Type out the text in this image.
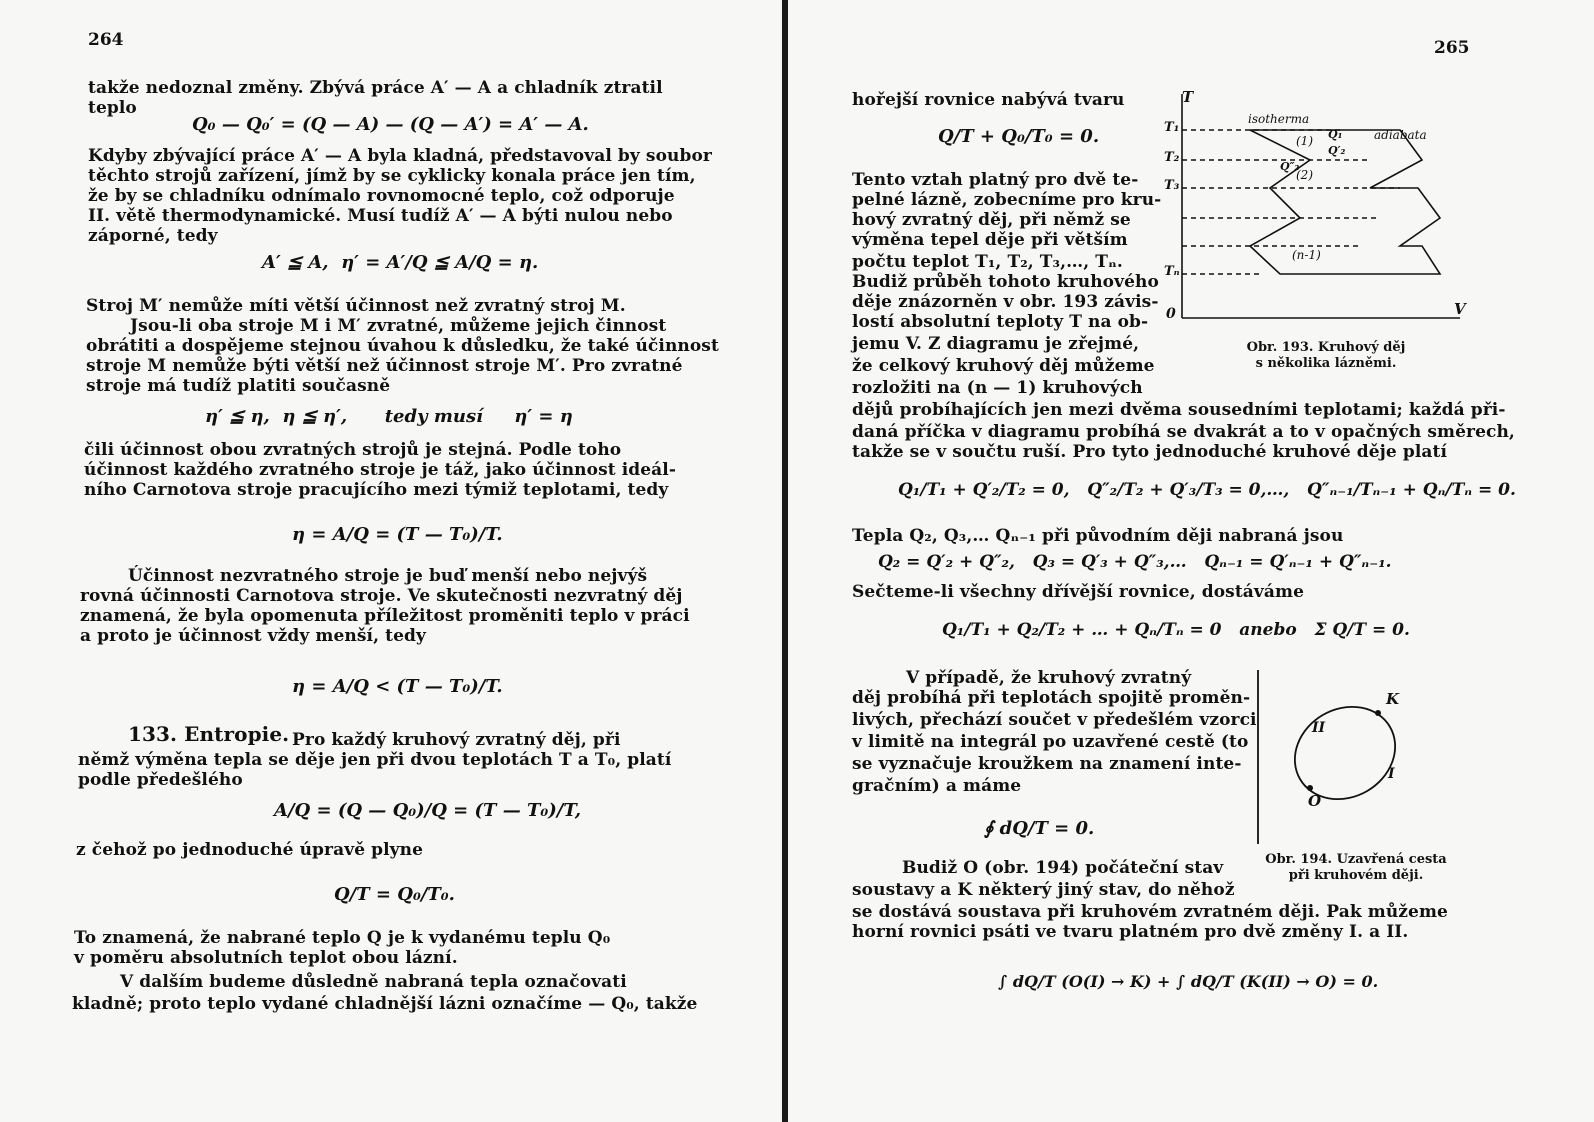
264
takže nedoznal změny. Zbývá práce A′ — A a chladník ztratil
teplo
Q₀ — Q₀′ = (Q — A) — (Q — A′) = A′ — A.
Kdyby zbývající práce A′ — A byla kladná, představoval by soubor
těchto strojů zařízení, jímž by se cyklicky konala práce jen tím,
že by se chladníku odnímalo rovnomocné teplo, což odporuje
II. větě thermodynamické. Musí tudíž A′ — A býti nulou nebo
záporné, tedy
A′ ≦ A,  η′ = A′/Q ≦ A/Q = η.
Stroj M′ nemůže míti větší účinnost než zvratný stroj M.
Jsou-li oba stroje M i M′ zvratné, můžeme jejich činnost
obrátiti a dospějeme stejnou úvahou k důsledku, že také účinnost
stroje M nemůže býti větší než účinnost stroje M′. Pro zvratné
stroje má tudíž platiti současně
η′ ≦ η,  η ≦ η′,      tedy musí     η′ = η
čili účinnost obou zvratných strojů je stejná. Podle toho
účinnost každého zvratného stroje je táž, jako účinnost ideál-
ního Carnotova stroje pracujícího mezi týmiž teplotami, tedy
η = A/Q = (T — T₀)/T.
Účinnost nezvratného stroje je buď menší nebo nejvýš
rovná účinnosti Carnotova stroje. Ve skutečnosti nezvratný děj
znamená, že byla opomenuta příležitost proměniti teplo v práci
a proto je účinnost vždy menší, tedy
η = A/Q < (T — T₀)/T.
133. Entropie. Pro každý kruhový zvratný děj, při
němž výměna tepla se děje jen při dvou teplotách T a T₀, platí
podle předešlého
A/Q = (Q — Q₀)/Q = (T — T₀)/T,
z čehož po jednoduché úpravě plyne
Q/T = Q₀/T₀.
To znamená, že nabrané teplo Q je k vydanému teplu Q₀
v poměru absolutních teplot obou lázní.
V dalším budeme důsledně nabraná tepla označovati
kladně; proto teplo vydané chladnější lázni označíme — Q₀, takže
265
hořejší rovnice nabývá tvaru
Q/T + Q₀/T₀ = 0.
Tento vztah platný pro dvě te-
pelné lázně, zobecníme pro kru-
hový zvratný děj, při němž se
výměna tepel děje při větším
počtu teplot T₁, T₂, T₃,…, Tₙ.
Budiž průběh tohoto kruhového
děje znázorněn v obr. 193 závis-
lostí absolutní teploty T na ob-
jemu V. Z diagramu je zřejmé,
že celkový kruhový děj můžeme
rozložiti na (n — 1) kruhových
dějů probíhajících jen mezi dvěma sousedními teplotami; každá při-
daná příčka v diagramu probíhá se dvakrát a to v opačných směrech,
takže se v součtu ruší. Pro tyto jednoduché kruhové děje platí
Q₁/T₁ + Q′₂/T₂ = 0,   Q″₂/T₂ + Q′₃/T₃ = 0,…,   Q″ₙ₋₁/Tₙ₋₁ + Qₙ/Tₙ = 0.
Tepla Q₂, Q₃,… Qₙ₋₁ při původním ději nabraná jsou
Q₂ = Q′₂ + Q″₂,   Q₃ = Q′₃ + Q″₃,…   Qₙ₋₁ = Q′ₙ₋₁ + Q″ₙ₋₁.
Sečteme-li všechny dřívější rovnice, dostáváme
Q₁/T₁ + Q₂/T₂ + … + Qₙ/Tₙ = 0   anebo   Σ Q/T = 0.
V případě, že kruhový zvratný
děj probíhá při teplotách spojitě proměn-
livých, přechází součet v předešlém vzorci
v limitě na integrál po uzavřené cestě (to
se vyznačuje kroužkem na znamení inte-
gračním) a máme
∮ dQ/T = 0.
Budiž O (obr. 194) počáteční stav
soustavy a K některý jiný stav, do něhož
se dostává soustava při kruhovém zvratném ději. Pak můžeme
horní rovnici psáti ve tvaru platném pro dvě změny I. a II.
∫ dQ/T (O(I) → K) + ∫ dQ/T (K(II) → O) = 0.
T
T₁
T₂
T₃
Tₙ
0	V
isotherma
adiabata
(1)
(2)
(n-1)
Q₁
Q′₂
Q″₂
Obr. 193. Kruhový děj
s několika lázněmi.
K
O
II
I
Obr. 194. Uzavřená cesta
při kruhovém ději.
